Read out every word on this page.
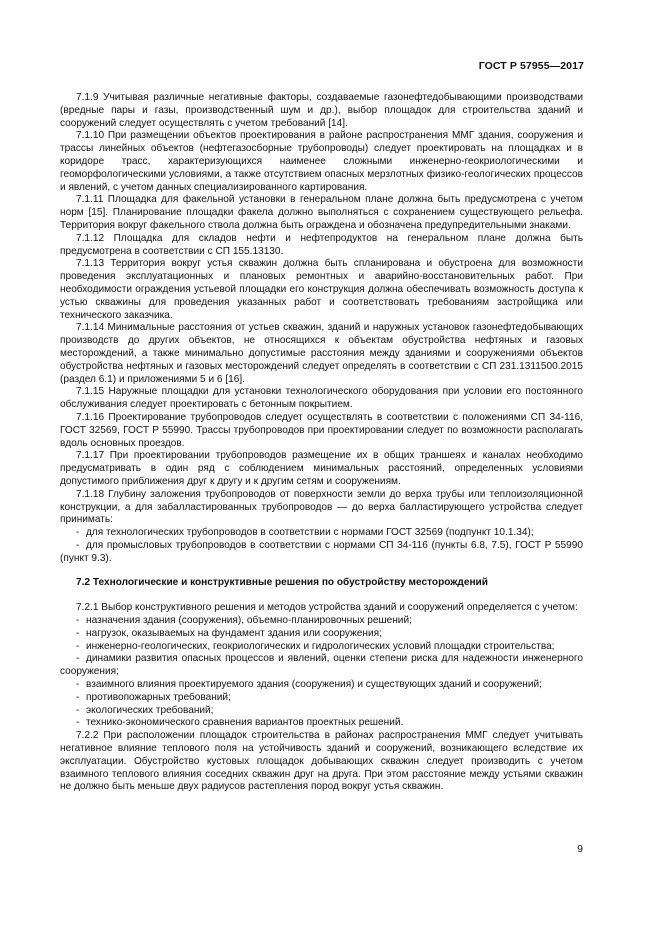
ГОСТ Р 57955—2017

7.1.9 Учитывая различные негативные факторы, создаваемые газонефтедобывающими производствами (вредные пары и газы, производственный шум и др.), выбор площадок для строительства зданий и сооружений следует осуществлять с учетом требований [14].

7.1.10 При размещении объектов проектирования в районе распространения ММГ здания, сооружения и трассы линейных объектов (нефтегазосборные трубопроводы) следует проектировать на площадках и в коридоре трасс, характеризующихся наименее сложными инженерно-геокриологическими и геоморфологическими условиями, а также отсутствием опасных мерзлотных физико-геологических процессов и явлений, с учетом данных специализированного картирования.

7.1.11 Площадка для факельной установки в генеральном плане должна быть предусмотрена с учетом норм [15]. Планирование площадки факела должно выполняться с сохранением существующего рельефа. Территория вокруг факельного ствола должна быть ограждена и обозначена предупредительными знаками.

7.1.12 Площадка для складов нефти и нефтепродуктов на генеральном плане должна быть предусмотрена в соответствии с СП 155.13130.

7.1.13 Территория вокруг устья скважин должна быть спланирована и обустроена для возможности проведения эксплуатационных и плановых ремонтных и аварийно-восстановительных работ. При необходимости ограждения устьевой площадки его конструкция должна обеспечивать возможность доступа к устью скважины для проведения указанных работ и соответствовать требованиям застройщика или технического заказчика.

7.1.14 Минимальные расстояния от устьев скважин, зданий и наружных установок газонефтедобывающих производств до других объектов, не относящихся к объектам обустройства нефтяных и газовых месторождений, а также минимально допустимые расстояния между зданиями и сооружениями объектов обустройства нефтяных и газовых месторождений следует определять в соответствии с СП 231.1311500.2015 (раздел 6.1) и приложениями 5 и 6 [16].

7.1.15 Наружные площадки для установки технологического оборудования при условии его постоянного обслуживания следует проектировать с бетонным покрытием.

7.1.16 Проектирование трубопроводов следует осуществлять в соответствии с положениями СП 34-116, ГОСТ 32569, ГОСТ Р 55990. Трассы трубопроводов при проектировании следует по возможности располагать вдоль основных проездов.

7.1.17 При проектировании трубопроводов размещение их в общих траншеях и каналах необходимо предусматривать в один ряд с соблюдением минимальных расстояний, определенных условиями допустимого приближения друг к другу и к другим сетям и сооружениям.

7.1.18 Глубину заложения трубопроводов от поверхности земли до верха трубы или теплоизоляционной конструкции, а для забалластированных трубопроводов — до верха балластирующего устройства следует принимать:

- для технологических трубопроводов в соответствии с нормами ГОСТ 32569 (подпункт 10.1.34);
- для промысловых трубопроводов в соответствии с нормами СП 34-116 (пункты 6.8, 7.5), ГОСТ Р 55990 (пункт 9.3).
7.2 Технологические и конструктивные решения по обустройству месторождений

7.2.1 Выбор конструктивного решения и методов устройства зданий и сооружений определяется с учетом:

- назначения здания (сооружения), объемно-планировочных решений;
- нагрузок, оказываемых на фундамент здания или сооружения;
- инженерно-геологических, геокриологических и гидрологических условий площадки строительства;
- динамики развития опасных процессов и явлений, оценки степени риска для надежности инженерного сооружения;
- взаимного влияния проектируемого здания (сооружения) и существующих зданий и сооружений;
- противопожарных требований;
- экологических требований;
- технико-экономического сравнения вариантов проектных решений.

7.2.2 При расположении площадок строительства в районах распространения ММГ следует учитывать негативное влияние теплового поля на устойчивость зданий и сооружений, возникающего вследствие их эксплуатации. Обустройство кустовых площадок добывающих скважин следует производить с учетом взаимного теплового влияния соседних скважин друг на друга. При этом расстояние между устьями скважин не должно быть меньше двух радиусов растепления пород вокруг устья скважин.

9
